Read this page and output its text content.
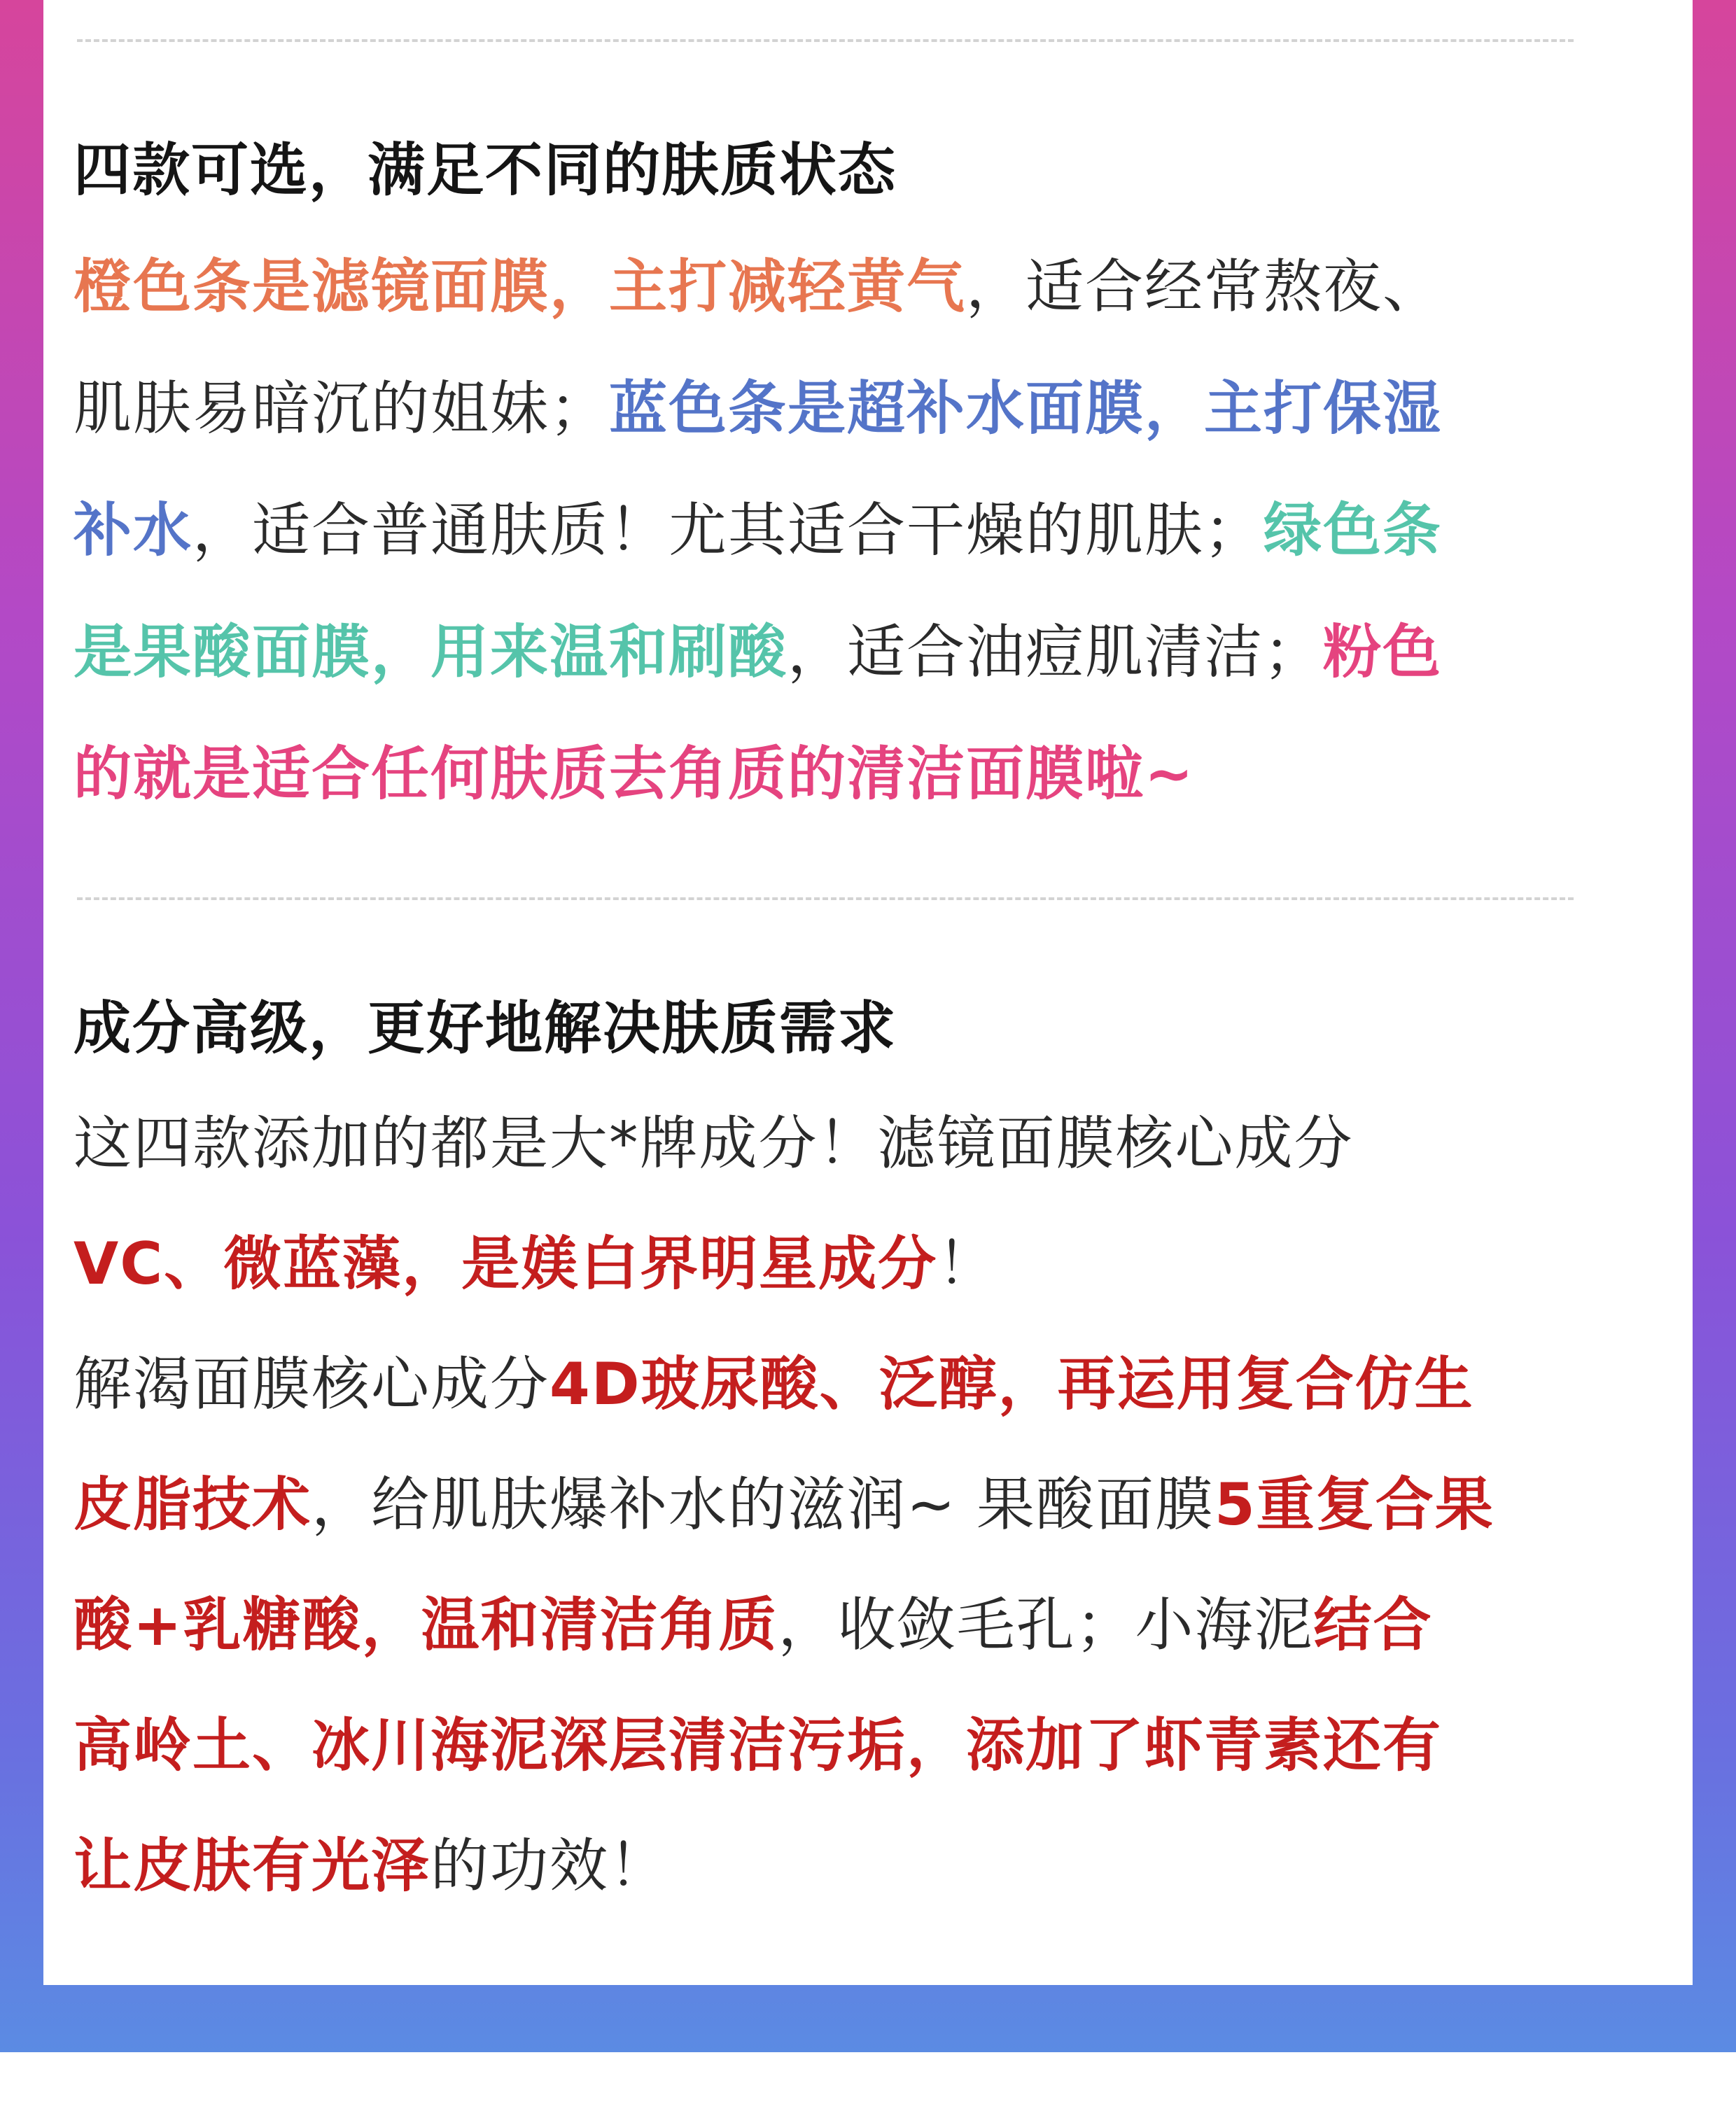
四款可选，满足不同的肤质状态
橙色条是滤镜面膜，主打减轻黄气，适合经常熬夜、
肌肤易暗沉的姐妹；蓝色条是超补水面膜，主打保湿
补水，适合普通肤质！尤其适合干燥的肌肤；绿色条
是果酸面膜，用来温和刷酸，适合油痘肌清洁；粉色
的就是适合任何肤质去角质的清洁面膜啦~
成分高级，更好地解决肤质需求
这四款添加的都是大*牌成分！滤镜面膜核心成分
VC、微蓝藻，是媄白界明星成分！
解渴面膜核心成分4D玻尿酸、泛醇，再运用复合仿生
皮脂技术，给肌肤爆补水的滋润~ 果酸面膜5重复合果
酸+乳糖酸，温和清洁角质，收敛毛孔；小海泥结合
高岭土、冰川海泥深层清洁污垢，添加了虾青素还有
让皮肤有光泽的功效！
